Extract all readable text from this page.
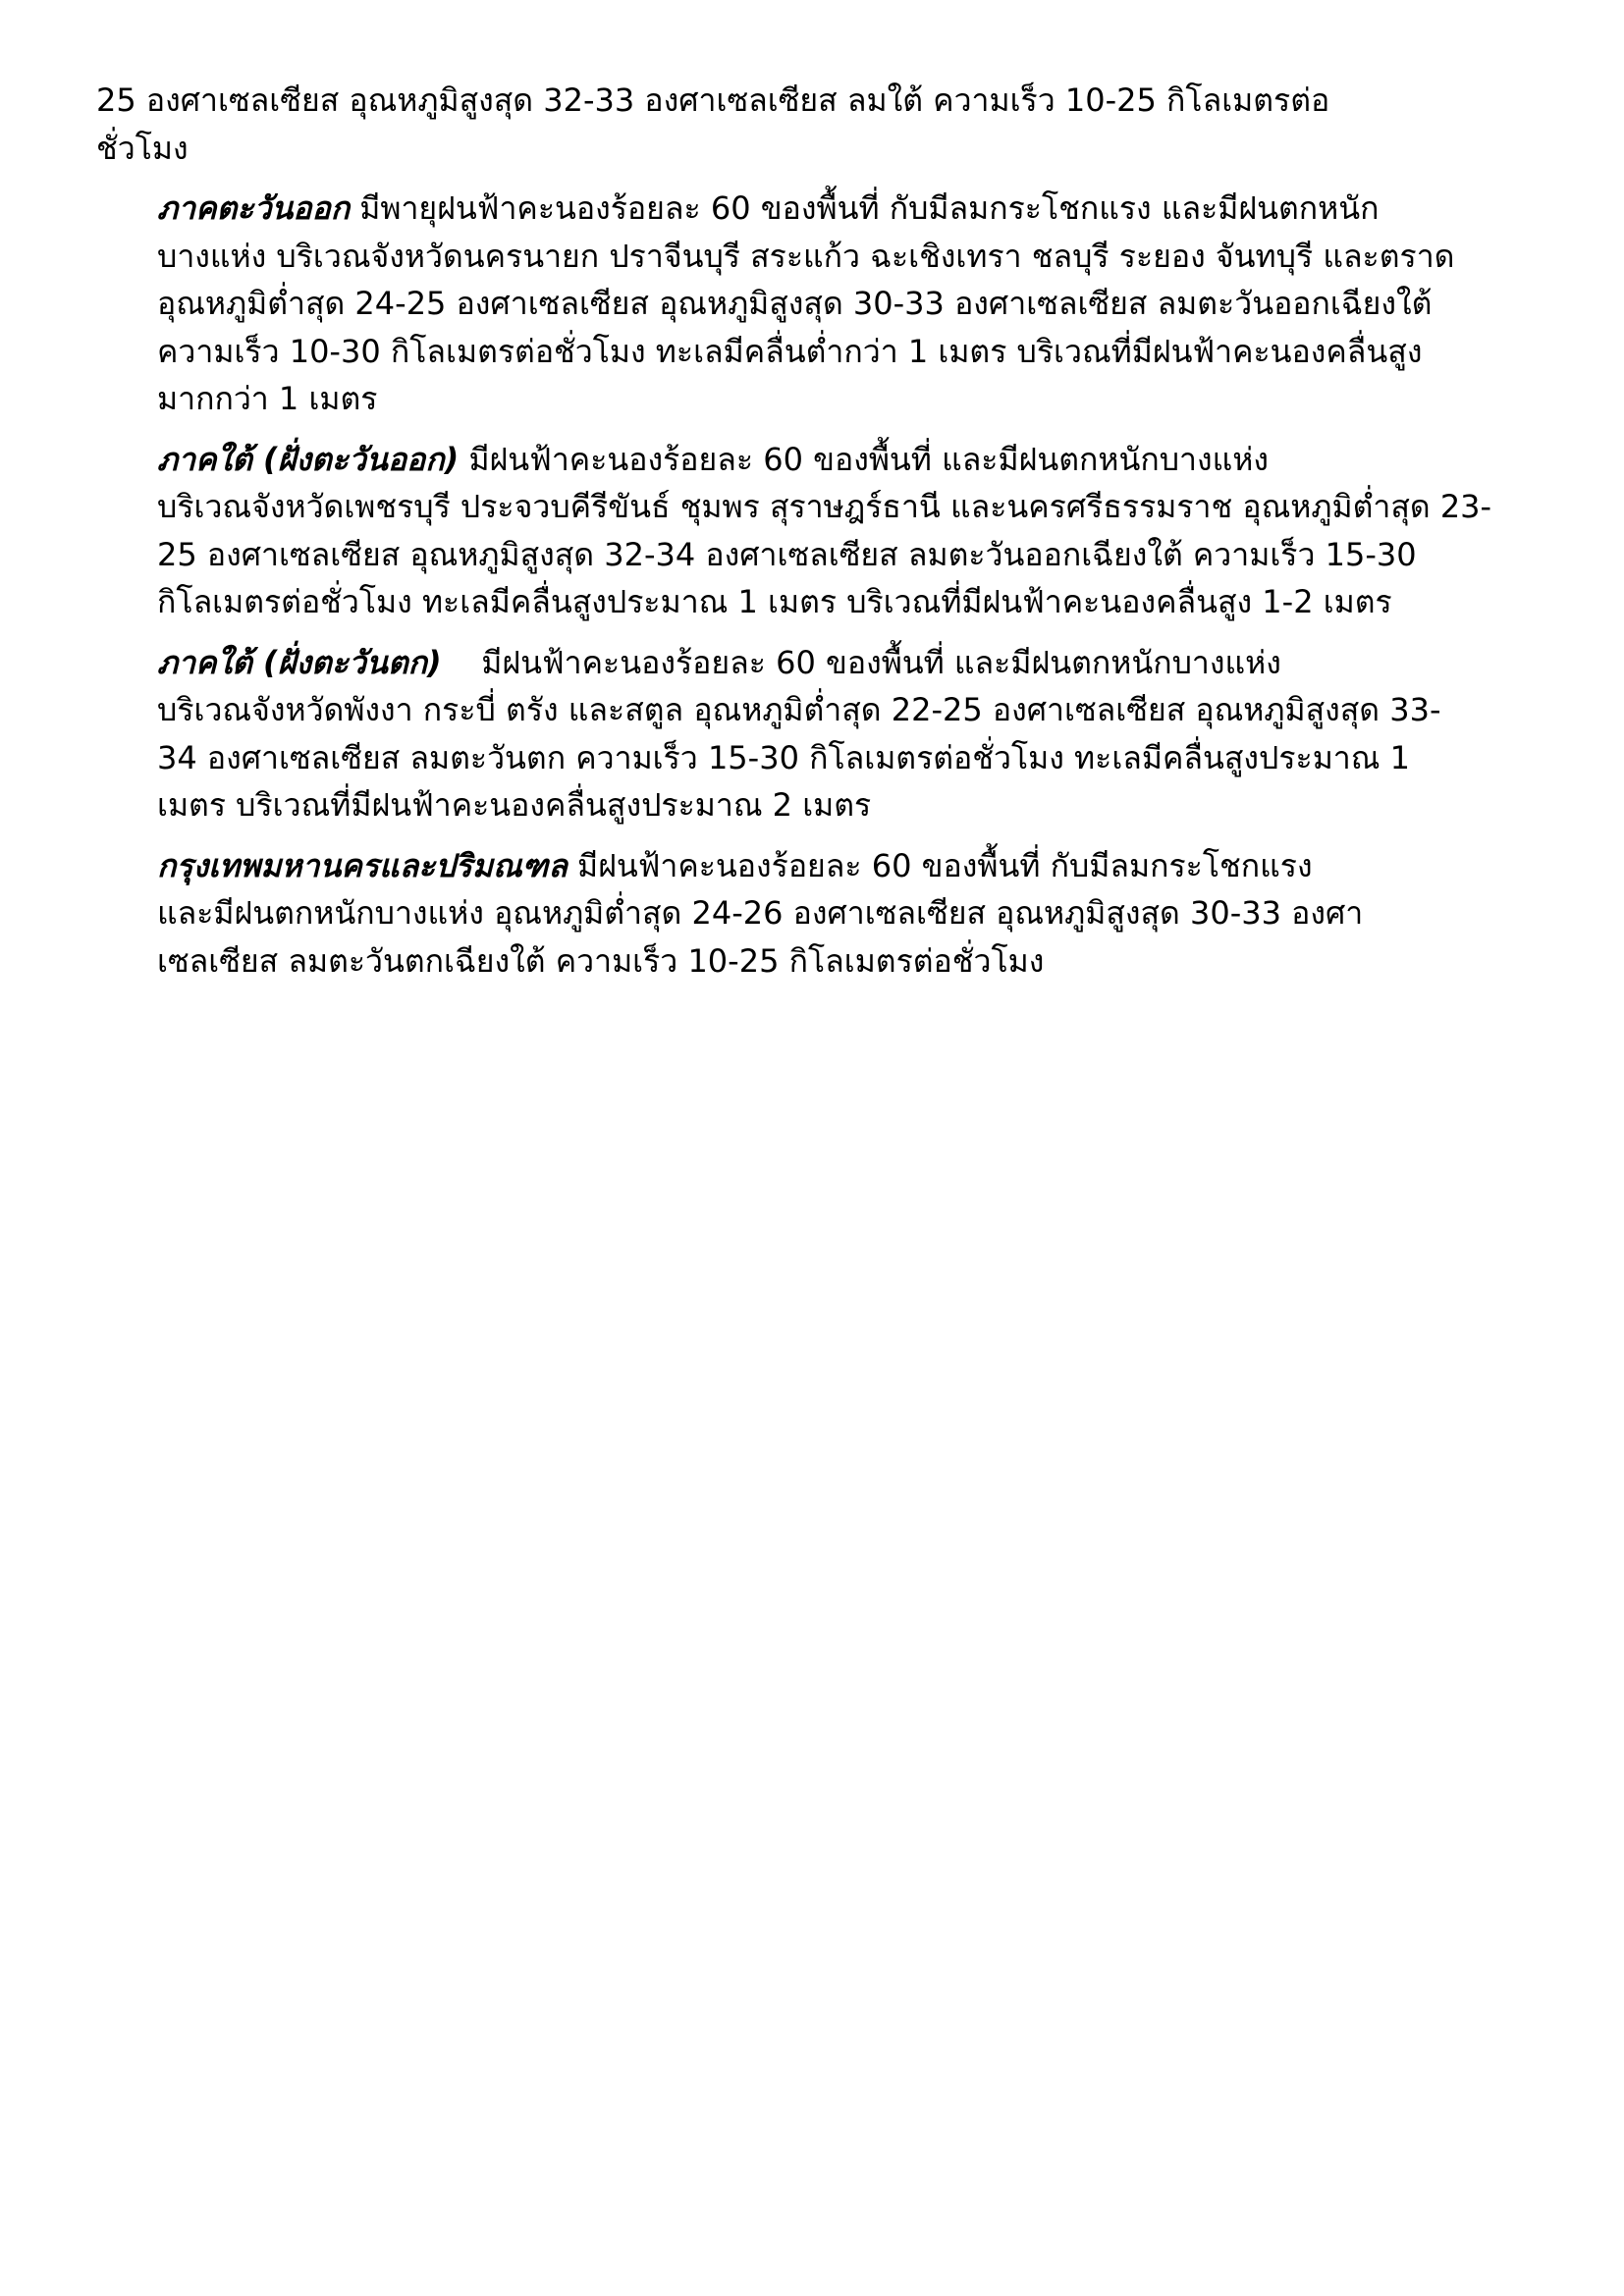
25 องศาเซลเซียส อุณหภูมิสูงสุด 32-33 องศาเซลเซียส ลมใต้ ความเร็ว 10-25 กิโลเมตรต่อ
ชั่วโมง
ภาคตะวันออก มีพายุฝนฟ้าคะนองร้อยละ 60 ของพื้นที่ กับมีลมกระโชกแรง และมีฝนตกหนัก
บางแห่ง บริเวณจังหวัดนครนายก ปราจีนบุรี สระแก้ว ฉะเชิงเทรา ชลบุรี ระยอง จันทบุรี และตราด
อุณหภูมิต่ำสุด 24-25 องศาเซลเซียส อุณหภูมิสูงสุด 30-33 องศาเซลเซียส ลมตะวันออกเฉียงใต้
ความเร็ว 10-30 กิโลเมตรต่อชั่วโมง ทะเลมีคลื่นต่ำกว่า 1 เมตร บริเวณที่มีฝนฟ้าคะนองคลื่นสูง
มากกว่า 1 เมตร
ภาคใต้ (ฝั่งตะวันออก) มีฝนฟ้าคะนองร้อยละ 60 ของพื้นที่ และมีฝนตกหนักบางแห่ง
บริเวณจังหวัดเพชรบุรี ประจวบคีรีขันธ์ ชุมพร สุราษฎร์ธานี และนครศรีธรรมราช อุณหภูมิต่ำสุด 23-
25 องศาเซลเซียส อุณหภูมิสูงสุด 32-34 องศาเซลเซียส ลมตะวันออกเฉียงใต้ ความเร็ว 15-30
กิโลเมตรต่อชั่วโมง ทะเลมีคลื่นสูงประมาณ 1 เมตร บริเวณที่มีฝนฟ้าคะนองคลื่นสูง 1-2 เมตร
ภาคใต้ (ฝั่งตะวันตก)    มีฝนฟ้าคะนองร้อยละ 60 ของพื้นที่ และมีฝนตกหนักบางแห่ง
บริเวณจังหวัดพังงา กระบี่ ตรัง และสตูล อุณหภูมิต่ำสุด 22-25 องศาเซลเซียส อุณหภูมิสูงสุด 33-
34 องศาเซลเซียส ลมตะวันตก ความเร็ว 15-30 กิโลเมตรต่อชั่วโมง ทะเลมีคลื่นสูงประมาณ 1
เมตร บริเวณที่มีฝนฟ้าคะนองคลื่นสูงประมาณ 2 เมตร
กรุงเทพมหานครและปริมณฑล มีฝนฟ้าคะนองร้อยละ 60 ของพื้นที่ กับมีลมกระโชกแรง
และมีฝนตกหนักบางแห่ง อุณหภูมิต่ำสุด 24-26 องศาเซลเซียส อุณหภูมิสูงสุด 30-33 องศา
เซลเซียส ลมตะวันตกเฉียงใต้ ความเร็ว 10-25 กิโลเมตรต่อชั่วโมง
